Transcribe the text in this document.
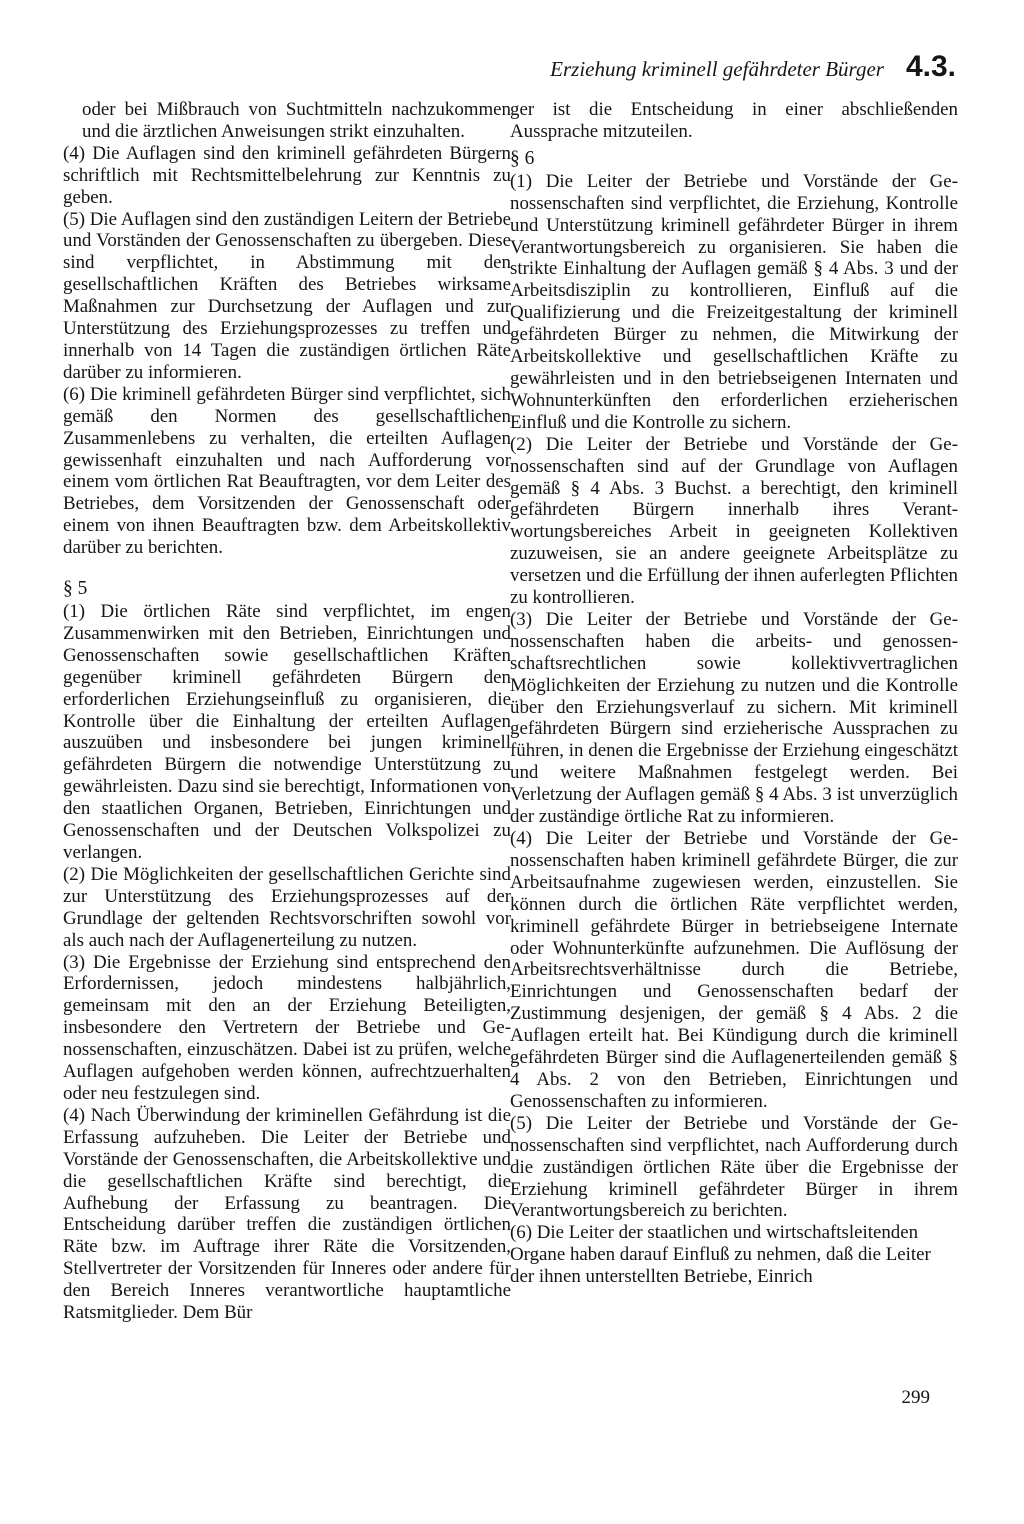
Erziehung kriminell gefährdeter Bürger 4.3.

oder bei Mißbrauch von Suchtmitteln nachzukommen und die ärztlichen Anweisungen strikt einzuhalten.

(4) Die Auflagen sind den kriminell gefährdeten Bürgern schriftlich mit Rechtsmittelbelehrung zur Kenntnis zu geben.

(5) Die Auflagen sind den zuständigen Leitern der Betriebe und Vorständen der Genossenschaften zu übergeben. Diese sind verpflichtet, in Abstimmung mit den gesellschaftlichen Kräften des Betriebes wirksame Maßnahmen zur Durchsetzung der Auflagen und zur Unterstützung des Erziehungsprozesses zu treffen und innerhalb von 14 Tagen die zuständigen örtlichen Räte darüber zu informieren.

(6) Die kriminell gefährdeten Bürger sind verpflichtet, sich gemäß den Normen des gesellschaftlichen Zusammenlebens zu verhalten, die erteilten Auflagen gewissenhaft einzuhalten und nach Aufforderung vor einem vom örtlichen Rat Beauftragten, vor dem Leiter des Betriebes, dem Vorsitzenden der Genossenschaft oder einem von ihnen Beauftragten bzw. dem Arbeitskollektiv darüber zu berichten.

§ 5

(1) Die örtlichen Räte sind verpflichtet, im engen Zusammenwirken mit den Betrieben, Einrichtungen und Genossenschaften sowie gesellschaftlichen Kräften gegenüber kriminell gefährdeten Bürgern den erforderlichen Erziehungseinfluß zu organisieren, die Kontrolle über die Einhaltung der erteilten Auflagen auszuüben und insbesondere bei jungen kriminell gefährdeten Bürgern die notwendige Unterstützung zu gewährleisten. Dazu sind sie berechtigt, Informationen von den staatlichen Organen, Betrieben, Einrichtungen und Genossenschaften und der Deutschen Volkspolizei zu verlangen.

(2) Die Möglichkeiten der gesellschaftlichen Gerichte sind zur Unterstützung des Erziehungsprozesses auf der Grundlage der geltenden Rechtsvorschriften sowohl vor als auch nach der Auflagenerteilung zu nutzen.

(3) Die Ergebnisse der Erziehung sind entsprechend den Erfordernissen, jedoch mindestens halbjährlich, gemeinsam mit den an der Erziehung Beteiligten, insbesondere den Vertretern der Betriebe und Genossenschaften, einzuschätzen. Dabei ist zu prüfen, welche Auflagen aufgehoben werden können, aufrechtzuerhalten oder neu festzulegen sind.

(4) Nach Überwindung der kriminellen Gefährdung ist die Erfassung aufzuheben. Die Leiter der Betriebe und Vorstände der Genossenschaften, die Arbeitskollektive und die gesellschaftlichen Kräfte sind berechtigt, die Aufhebung der Erfassung zu beantragen. Die Entscheidung darüber treffen die zuständigen örtlichen Räte bzw. im Auftrage ihrer Räte die Vorsitzenden, Stellvertreter der Vorsitzenden für Inneres oder andere für den Bereich Inneres verantwortliche hauptamtliche Ratsmitglieder. Dem Bür

ger ist die Entscheidung in einer abschließenden Aussprache mitzuteilen.

§ 6

(1) Die Leiter der Betriebe und Vorstände der Genossenschaften sind verpflichtet, die Erziehung, Kontrolle und Unterstützung kriminell gefährdeter Bürger in ihrem Verantwortungsbereich zu organisieren. Sie haben die strikte Einhaltung der Auflagen gemäß § 4 Abs. 3 und der Arbeitsdisziplin zu kontrollieren, Einfluß auf die Qualifizierung und die Freizeitgestaltung der kriminell gefährdeten Bürger zu nehmen, die Mitwirkung der Arbeitskollektive und gesellschaftlichen Kräfte zu gewährleisten und in den betriebseigenen Internaten und Wohnunterkünften den erforderlichen erzieherischen Einfluß und die Kontrolle zu sichern.

(2) Die Leiter der Betriebe und Vorstände der Genossenschaften sind auf der Grundlage von Auflagen gemäß § 4 Abs. 3 Buchst. a berechtigt, den kriminell gefährdeten Bürgern innerhalb ihres Verantwortungsbereiches Arbeit in geeigneten Kollektiven zuzuweisen, sie an andere geeignete Arbeitsplätze zu versetzen und die Erfüllung der ihnen auferlegten Pflichten zu kontrollieren.

(3) Die Leiter der Betriebe und Vorstände der Genossenschaften haben die arbeits- und genossenschaftsrechtlichen sowie kollektivvertraglichen Möglichkeiten der Erziehung zu nutzen und die Kontrolle über den Erziehungsverlauf zu sichern. Mit kriminell gefährdeten Bürgern sind erzieherische Aussprachen zu führen, in denen die Ergebnisse der Erziehung eingeschätzt und weitere Maßnahmen festgelegt werden. Bei Verletzung der Auflagen gemäß § 4 Abs. 3 ist unverzüglich der zuständige örtliche Rat zu informieren.

(4) Die Leiter der Betriebe und Vorstände der Genossenschaften haben kriminell gefährdete Bürger, die zur Arbeitsaufnahme zugewiesen werden, einzustellen. Sie können durch die örtlichen Räte verpflichtet werden, kriminell gefährdete Bürger in betriebseigene Internate oder Wohnunterkünfte aufzunehmen. Die Auflösung der Arbeitsrechtsverhältnisse durch die Betriebe, Einrichtungen und Genossenschaften bedarf der Zustimmung desjenigen, der gemäß § 4 Abs. 2 die Auflagen erteilt hat. Bei Kündigung durch die kriminell gefährdeten Bürger sind die Auflagenerteilenden gemäß § 4 Abs. 2 von den Betrieben, Einrichtungen und Genossenschaften zu informieren.

(5) Die Leiter der Betriebe und Vorstände der Genossenschaften sind verpflichtet, nach Aufforderung durch die zuständigen örtlichen Räte über die Ergebnisse der Erziehung kriminell gefährdeter Bürger in ihrem Verantwortungsbereich zu berichten.

(6) Die Leiter der staatlichen und wirtschaftsleitenden Organe haben darauf Einfluß zu nehmen, daß die Leiter der ihnen unterstellten Betriebe, Einrich

299
